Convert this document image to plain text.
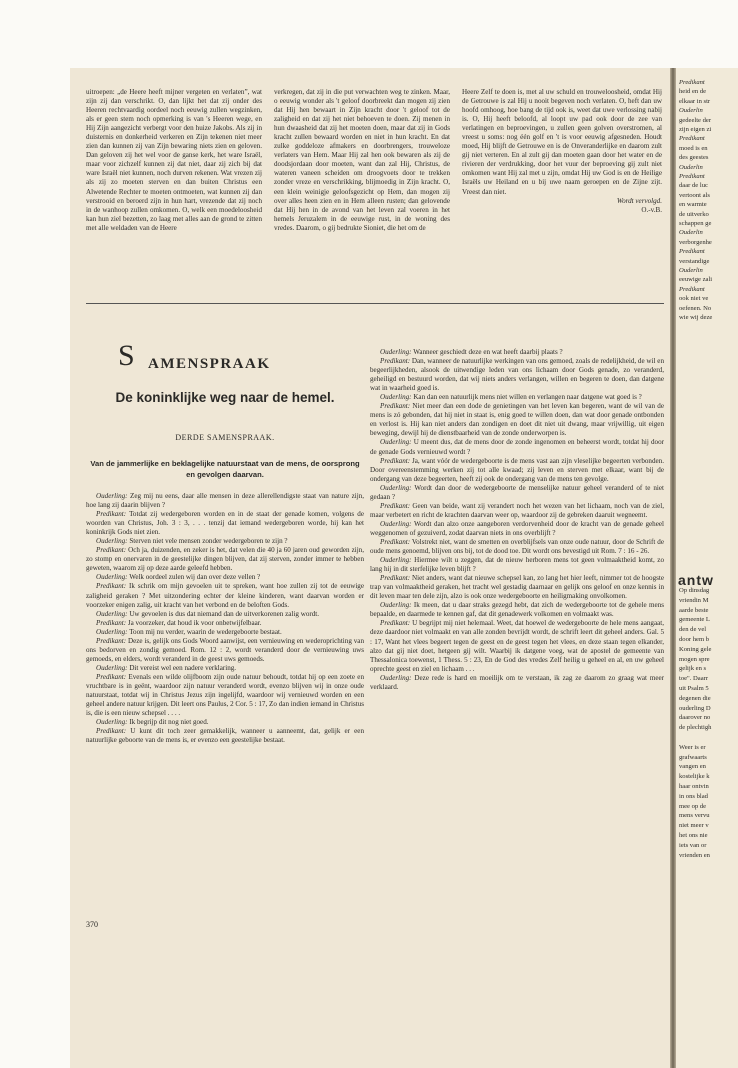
uitroepen: „de Heere heeft mijner vergeten en verlaten”, wat zijn zij dan verschrikt. O, dan lijkt het dat zij onder des Heeren rechtvaardig oordeel noch eeuwig zullen wegzinken, als er geen stem noch opmerking is van 's Heeren wege, en Hij Zijn aangezicht verbergt voor den huize Jakobs. Als zij in duisternis en donkerheid verkeren en Zijn tekenen niet meer zien dan kunnen zij van Zijn bewaring niets zien en geloven. Dan geloven zij het wel voor de ganse kerk, het ware Israël, maar voor zichzelf kunnen zij dat niet, daar zij zich bij dat ware Israël niet kunnen, noch durven rekenen. Wat vrezen zij als zij zo moeten sterven en dan buiten Christus een Alwetende Rechter te moeten ontmoeten, wat kunnen zij dan verstrooid en beroerd zijn in hun hart, vrezende dat zij noch in de wanhoop zullen omkomen. O, welk een moedeloosheid kan hun ziel bezetten, zo laag met alles aan de grond te zitten met alle weldaden van de Heere

verkregen, dat zij in die put verwachten weg te zinken. Maar, o eeuwig wonder als 't geloof doorbreekt dan mogen zij zien dat Hij hen bewaart in Zijn kracht door 't geloof tot de zaligheid en dat zij het niet behoeven te doen. Zij menen in hun dwaasheid dat zij het moeten doen, maar dat zij in Gods kracht zullen bewaard worden en niet in hun kracht. En dat zulke goddeloze afmakers en doorbrengers, trouweloze verlaters van Hem. Maar Hij zal hen ook bewaren als zij de doodsjordaan door moeten, want dan zal Hij, Christus, de wateren vaneen scheiden om droogvoets door te trekken zonder vreze en verschrikking, blijmoedig in Zijn kracht. O, een klein weinigje geloofsgezicht op Hem, dan mogen zij over alles heen zien en in Hem alleen rusten; dan gelovende dat Hij hen in de avond van het leven zal voeren in het hemels Jeruzalem in de eeuwige rust, in de woning des vredes. Daarom, o gij bedrukte Sioniet, die het om de

Heere Zelf te doen is, met al uw schuld en trouweloosheid, omdat Hij de Getrouwe is zal Hij u nooit begeven noch verlaten. O, heft dan uw hoofd omhoog, hoe bang de tijd ook is, weet dat uwe verlossing nabij is. O, Hij heeft beloofd, al loopt uw pad ook door de zee van verlatingen en beproevingen, u zullen geen golven overstromen, al vreest u soms: nog één golf en 't is voor eeuwig afgesneden. Houdt moed, Hij blijft de Getrouwe en is de Onveranderlijke en daarom zult gij niet verteren. En al zult gij dan moeten gaan door het water en de rivieren der verdrukking, door het vuur der beproeving gij zult niet omkomen want Hij zal met u zijn, omdat Hij uw God is en de Heilige Israëls uw Heiland en u bij uwe naam geroepen en de Zijne zijt. Vreest dan niet.

Wordt vervolgd.

O.-v.B.

S AMENSPRAAK
De koninklijke weg naar de hemel.
DERDE SAMENSPRAAK.
Van de jammerlijke en beklagelijke natuurstaat van de mens, de oorsprong en gevolgen daarvan.

Ouderling: Zeg mij nu eens, daar alle mensen in deze allerellendigste staat van nature zijn, hoe lang zij daarin blijven ?

Predikant: Totdat zij wedergeboren worden en in de staat der genade komen, volgens de woorden van Christus, Joh. 3 : 3, . . . tenzij dat iemand wedergeboren worde, hij kan het koninkrijk Gods niet zien.

Ouderling: Sterven niet vele mensen zonder wedergeboren te zijn ?

Predikant: Och ja, duizenden, en zeker is het, dat velen die 40 ja 60 jaren oud geworden zijn, zo stomp en onervaren in de geestelijke dingen blijven, dat zij sterven, zonder immer te hebben geweten, waarom zij op deze aarde geleefd hebben.

Ouderling: Welk oordeel zulen wij dan over deze vellen ?

Predikant: Ik schrik om mijn gevoelen uit te spreken, want hoe zullen zij tot de eeuwige zaligheid geraken ? Met uitzondering echter der kleine kinderen, want daarvan worden er voorzeker enigen zalig, uit kracht van het verbond en de beloften Gods.

Ouderling: Uw gevoelen is dus dat niemand dan de uitverkorenen zalig wordt.

Predikant: Ja voorzeker, dat houd ik voor onbetwijfelbaar.

Ouderling: Toon mij nu verder, waarin de wedergeboorte bestaat.

Predikant: Deze is, gelijk ons Gods Woord aanwijst, een vernieuwing en wederoprichting van ons bedorven en zondig gemoed. Rom. 12 : 2, wordt veranderd door de vernieuwing uws gemoeds, en elders, wordt veranderd in de geest uws gemoeds.

Ouderling: Dit vereist wel een nadere verklaring.

Predikant: Evenals een wilde olijfboom zijn oude natuur behoudt, totdat hij op een zoete en vruchtbare is in geënt, waardoor zijn natuur veranderd wordt, evenzo blijven wij in onze oude natuurstaat, totdat wij in Christus Jezus zijn ingelijfd, waardoor wij vernieuwd worden en een geheel andere natuur krijgen. Dit leert ons Paulus, 2 Cor. 5 : 17, Zo dan indien iemand in Christus is, die is een nieuw schepsel . . . .

Ouderling: Ik begrijp dit nog niet goed.

Predikant: U kunt dit toch zeer gemakkelijk, wanneer u aanneemt, dat, gelijk er een natuurlijke geboorte van de mens is, er evenzo een geestelijke bestaat.

Ouderling: Wanneer geschiedt deze en wat heeft daarbij plaats ?

Predikant: Dan, wanneer de natuurlijke werkingen van ons gemoed, zoals de redelijkheid, de wil en begeerlijkheden, alsook de uitwendige leden van ons lichaam door Gods genade, zo veranderd, geheiligd en bestuurd worden, dat wij niets anders verlangen, willen en begeren te doen, dan datgene wat in waarheid goed is.

Ouderling: Kan dan een natuurlijk mens niet willen en verlangen naar datgene wat goed is ?

Predikant: Niet meer dan een dode de genietingen van het leven kan begeren, want de wil van de mens is zó gebonden, dat hij niet in staat is, enig goed te willen doen, dan wat door genade ontbonden en verlost is. Hij kan niet anders dan zondigen en doet dit niet uit dwang, maar vrijwillig, uit eigen beweging, dewijl hij de dienstbaarheid van de zonde onderworpen is.

Ouderling: U meent dus, dat de mens door de zonde ingenomen en beheerst wordt, totdat hij door de genade Gods vernieuwd wordt ?

Predikant: Ja, want vóór de wedergeboorte is de mens vast aan zijn vleselijke begeerten verbonden. Door overeenstemming werken zij tot alle kwaad; zij leven en sterven met elkaar, want bij de ondergang van deze begeerten, heeft zij ook de ondergang van de mens ten gevolge.

Ouderling: Wordt dan door de wedergeboorte de menselijke natuur geheel veranderd of te niet gedaan ?

Predikant: Geen van beide, want zij verandert noch het wezen van het lichaam, noch van de ziel, maar verbetert en richt de krachten daarvan weer op, waardoor zij de gebreken daaruit wegneemt.

Ouderling: Wordt dan alzo onze aangeboren verdorvenheid door de kracht van de genade geheel weggenomen of gezuiverd, zodat daarvan niets in ons overblijft ?

Predikant: Volstrekt niet, want de smetten en overblijfsels van onze oude natuur, door de Schrift de oude mens genoemd, blijven ons bij, tot de dood toe. Dit wordt ons bevestigd uit Rom. 7 : 16 - 26.

Ouderling: Hiermee wilt u zeggen, dat de nieuw herboren mens tot geen volmaaktheid komt, zo lang hij in dit sterfelijke leven blijft ?

Predikant: Niet anders, want dat nieuwe schepsel kan, zo lang het hier leeft, nimmer tot de hoogste trap van volmaaktheid geraken, het tracht wel gestadig daarnaar en gelijk ons geloof en onze kennis in dit leven maar ten dele zijn, alzo is ook onze wedergeboorte en heiligmaking onvolkomen.

Ouderling: Ik meen, dat u daar straks gezegd hebt, dat zich de wedergeboorte tot de gehele mens bepaalde, en daarmede te kennen gaf, dat dit genadewerk volkomen en volmaakt was.

Predikant: U begrijpt mij niet helemaal. Weet, dat hoewel de wedergeboorte de hele mens aangaat, deze daardoor niet volmaakt en van alle zonden bevrijdt wordt, de schrift leert dit geheel anders. Gal. 5 : 17, Want het vlees begeert tegen de geest en de geest tegen het vlees, en deze staan tegen elkander, alzo dat gij niet doet, hetgeen gij wilt. Waarbij ik datgene voeg, wat de apostel de gemeente van Thessalonica toewenst, 1 Thess. 5 : 23, En de God des vredes Zelf heilig u geheel en al, en uw geheel oprechte geest en ziel en lichaam . . .

Ouderling: Deze rede is hard en moeilijk om te verstaan, ik zag ze daarom zo graag wat meer verklaard.

370
Predikant
heid en de
elkaar in str
Ouderlin
gedeelte der
zijn eigen zi
Predikant
moed is en
des geestes
Ouderlin
Predikant
daar de luc
vertoont als
en warmte
de uitverko
schappen ge
Ouderlin
verborgenhe
Predikant
verstandige
Ouderlin
eeuwige zali
Predikant
ook niet ve
oefenen. No
wie wij deze
antw
Op dinsdag
vriendin M
aarde beste
gemeente L
den de vel
door hem b
Koning gele
mogen spre
gelijk en s
toe". Daarr
uit Psalm 5
degenen die
ouderling D
daarover no
de plechtigh
Weer is er
grafwaarts
vangen en
kostelijke k
haar ontvin
in ons blad
mee op de
mens vervu
niet meer v
het ons nie
iets van or
vrienden en
